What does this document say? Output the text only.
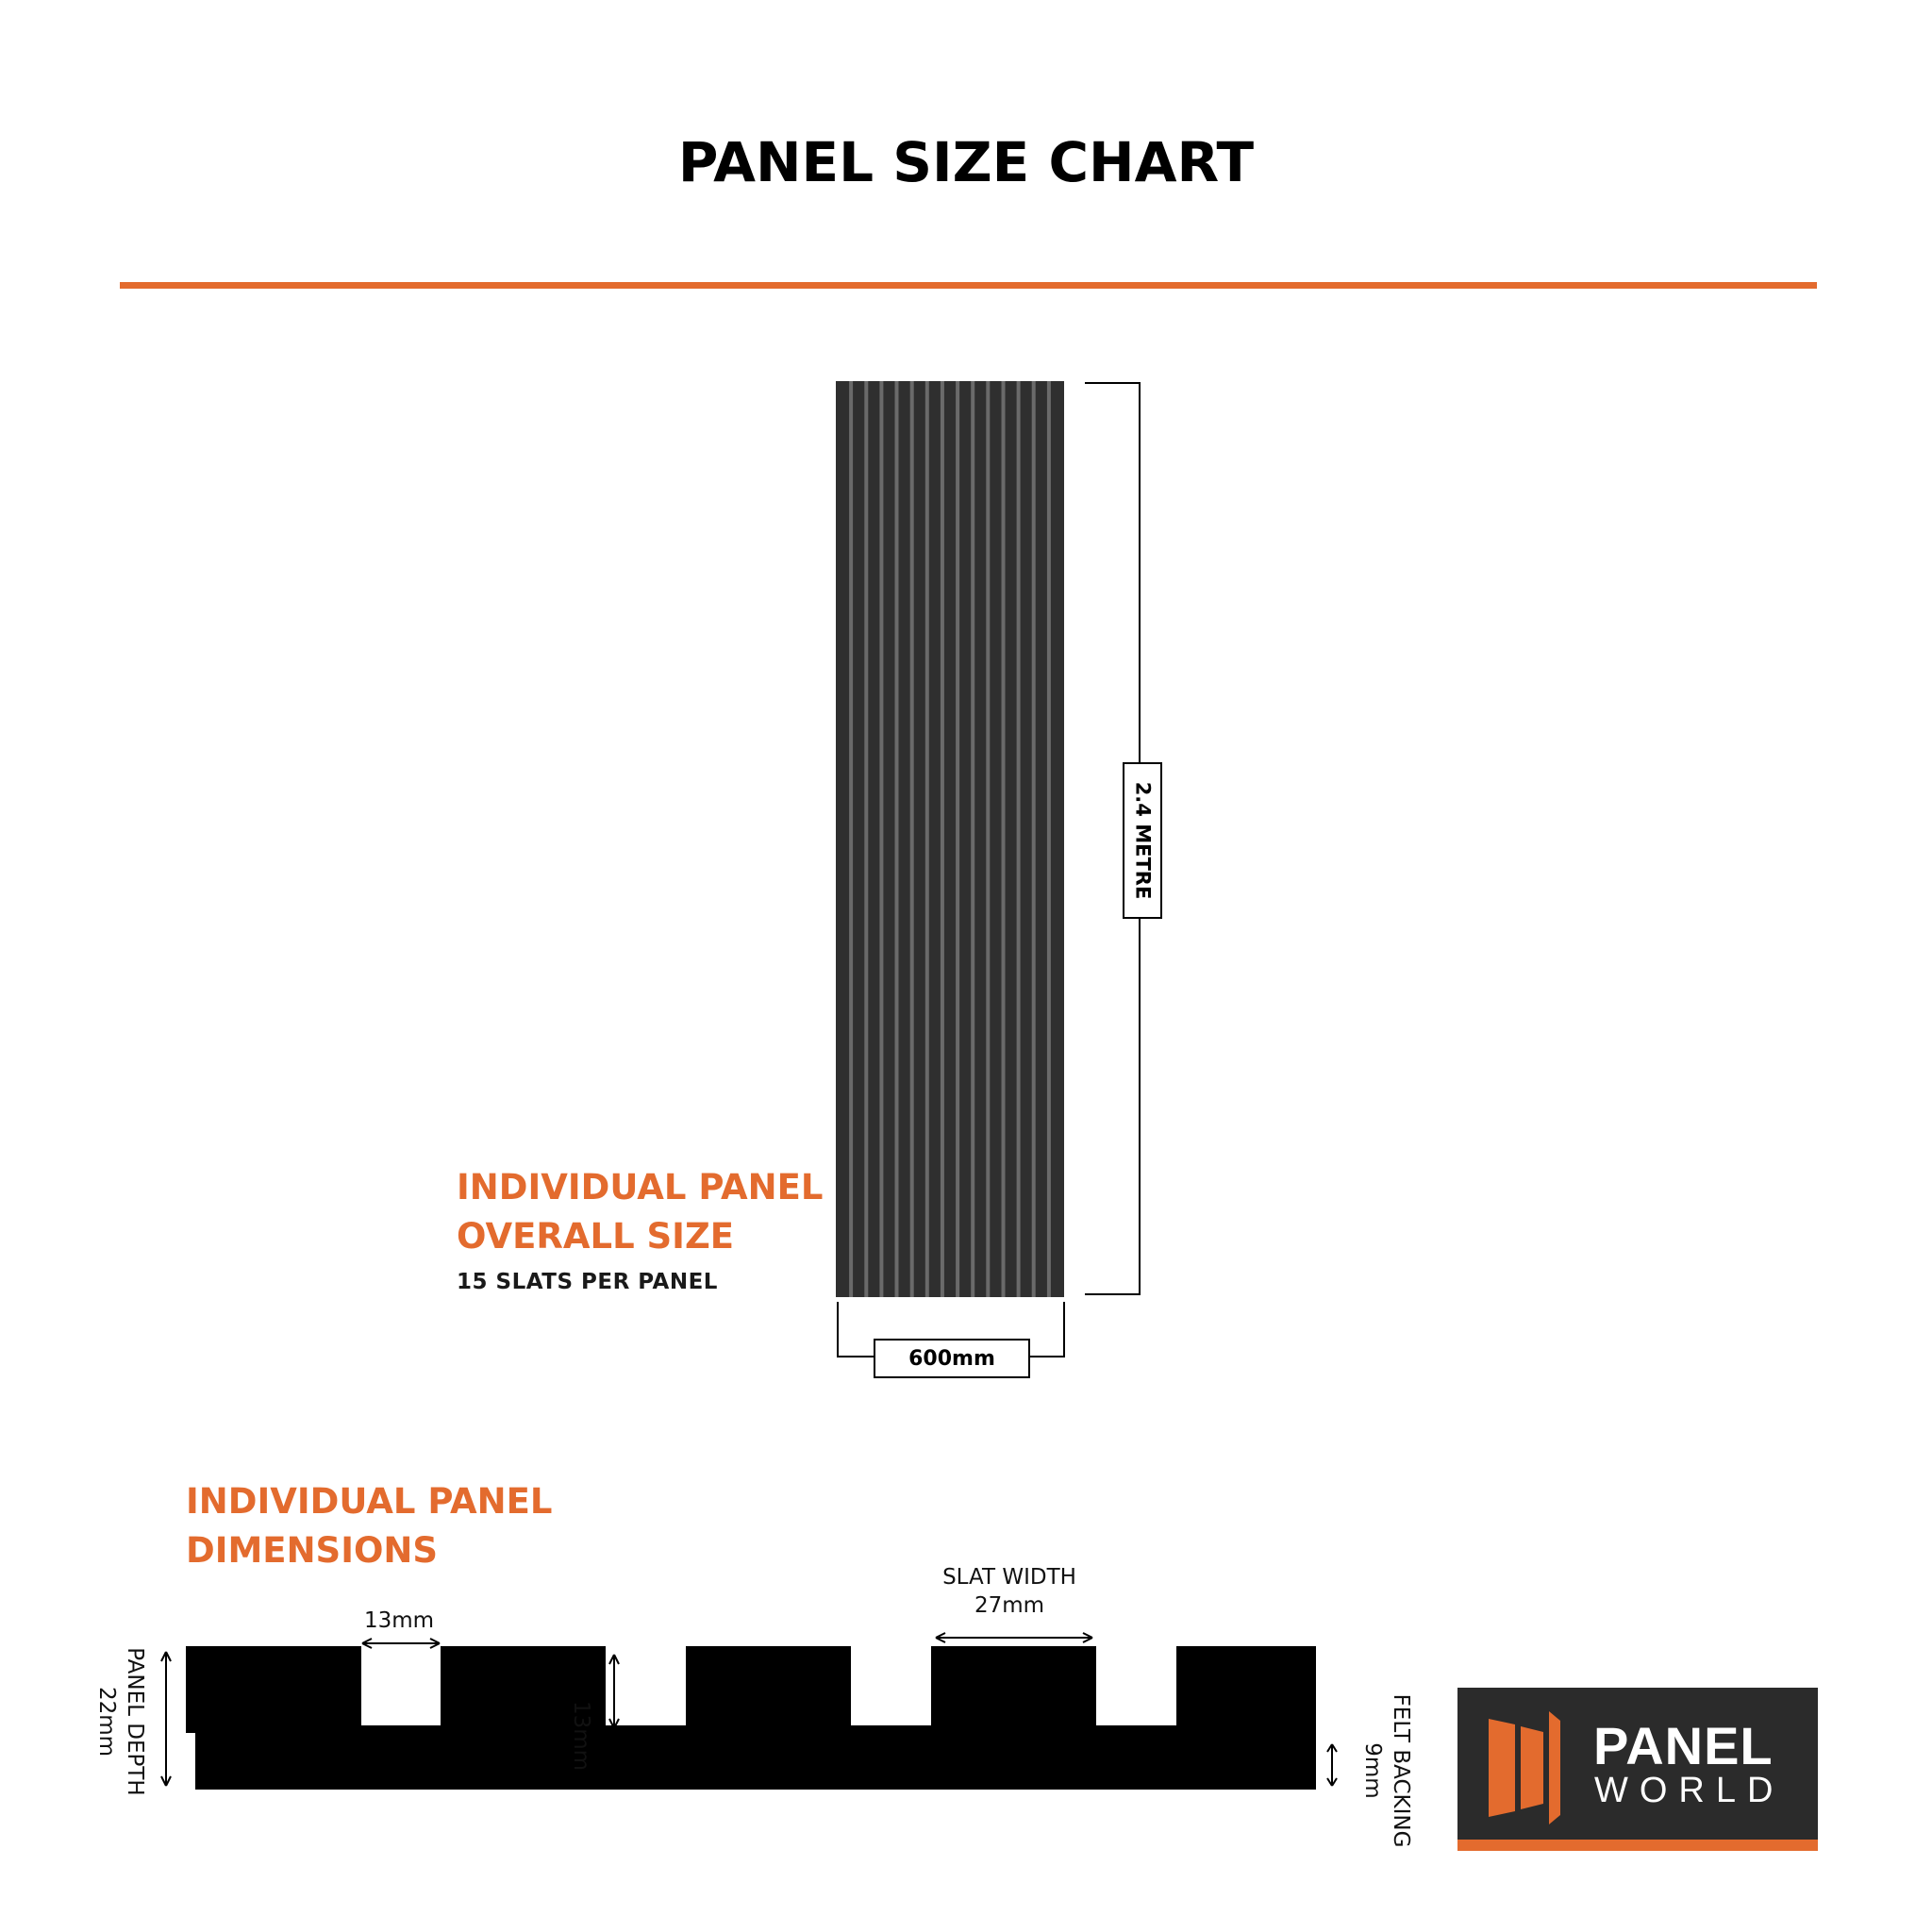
PANEL SIZE CHART
INDIVIDUAL PANEL
OVERALL SIZE
15 SLATS PER PANEL
2.4 METRE
600mm
INDIVIDUAL PANEL
DIMENSIONS
13mm
SLAT WIDTH
27mm
13mm
PANEL DEPTH
22mm	FELT BACKING
9mm	PANEL
WORLD
